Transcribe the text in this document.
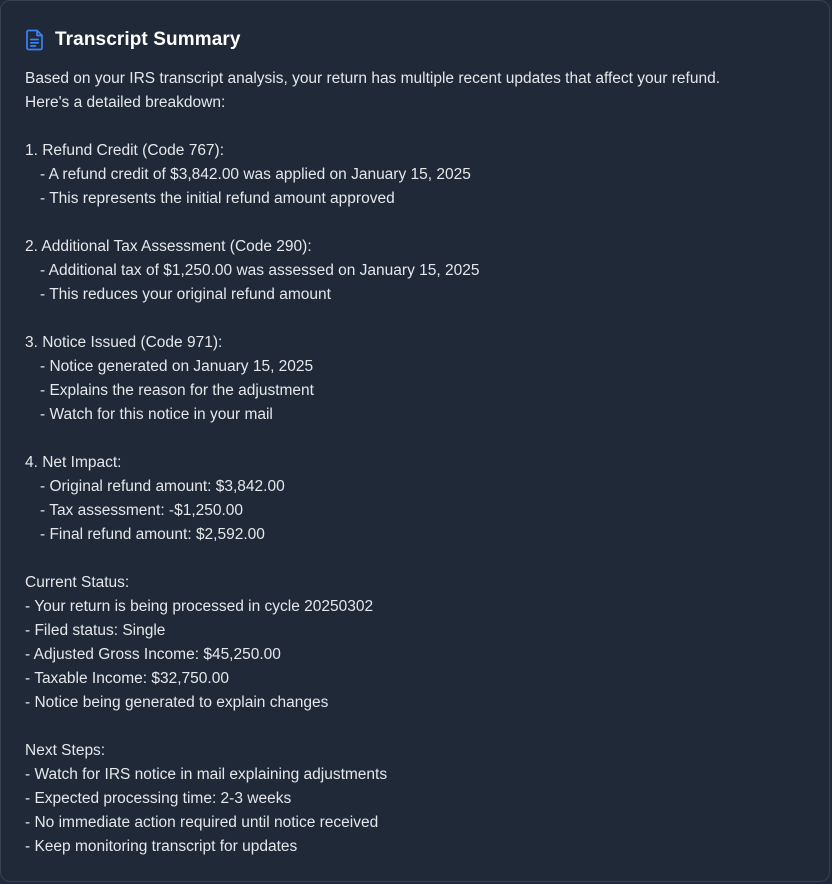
Transcript Summary
Based on your IRS transcript analysis, your return has multiple recent updates that affect your refund.
Here's a detailed breakdown:
1. Refund Credit (Code 767):
- A refund credit of $3,842.00 was applied on January 15, 2025
- This represents the initial refund amount approved
2. Additional Tax Assessment (Code 290):
- Additional tax of $1,250.00 was assessed on January 15, 2025
- This reduces your original refund amount
3. Notice Issued (Code 971):
- Notice generated on January 15, 2025
- Explains the reason for the adjustment
- Watch for this notice in your mail
4. Net Impact:
- Original refund amount: $3,842.00
- Tax assessment: -$1,250.00
- Final refund amount: $2,592.00
Current Status:
- Your return is being processed in cycle 20250302
- Filed status: Single
- Adjusted Gross Income: $45,250.00
- Taxable Income: $32,750.00
- Notice being generated to explain changes
Next Steps:
- Watch for IRS notice in mail explaining adjustments
- Expected processing time: 2-3 weeks
- No immediate action required until notice received
- Keep monitoring transcript for updates
